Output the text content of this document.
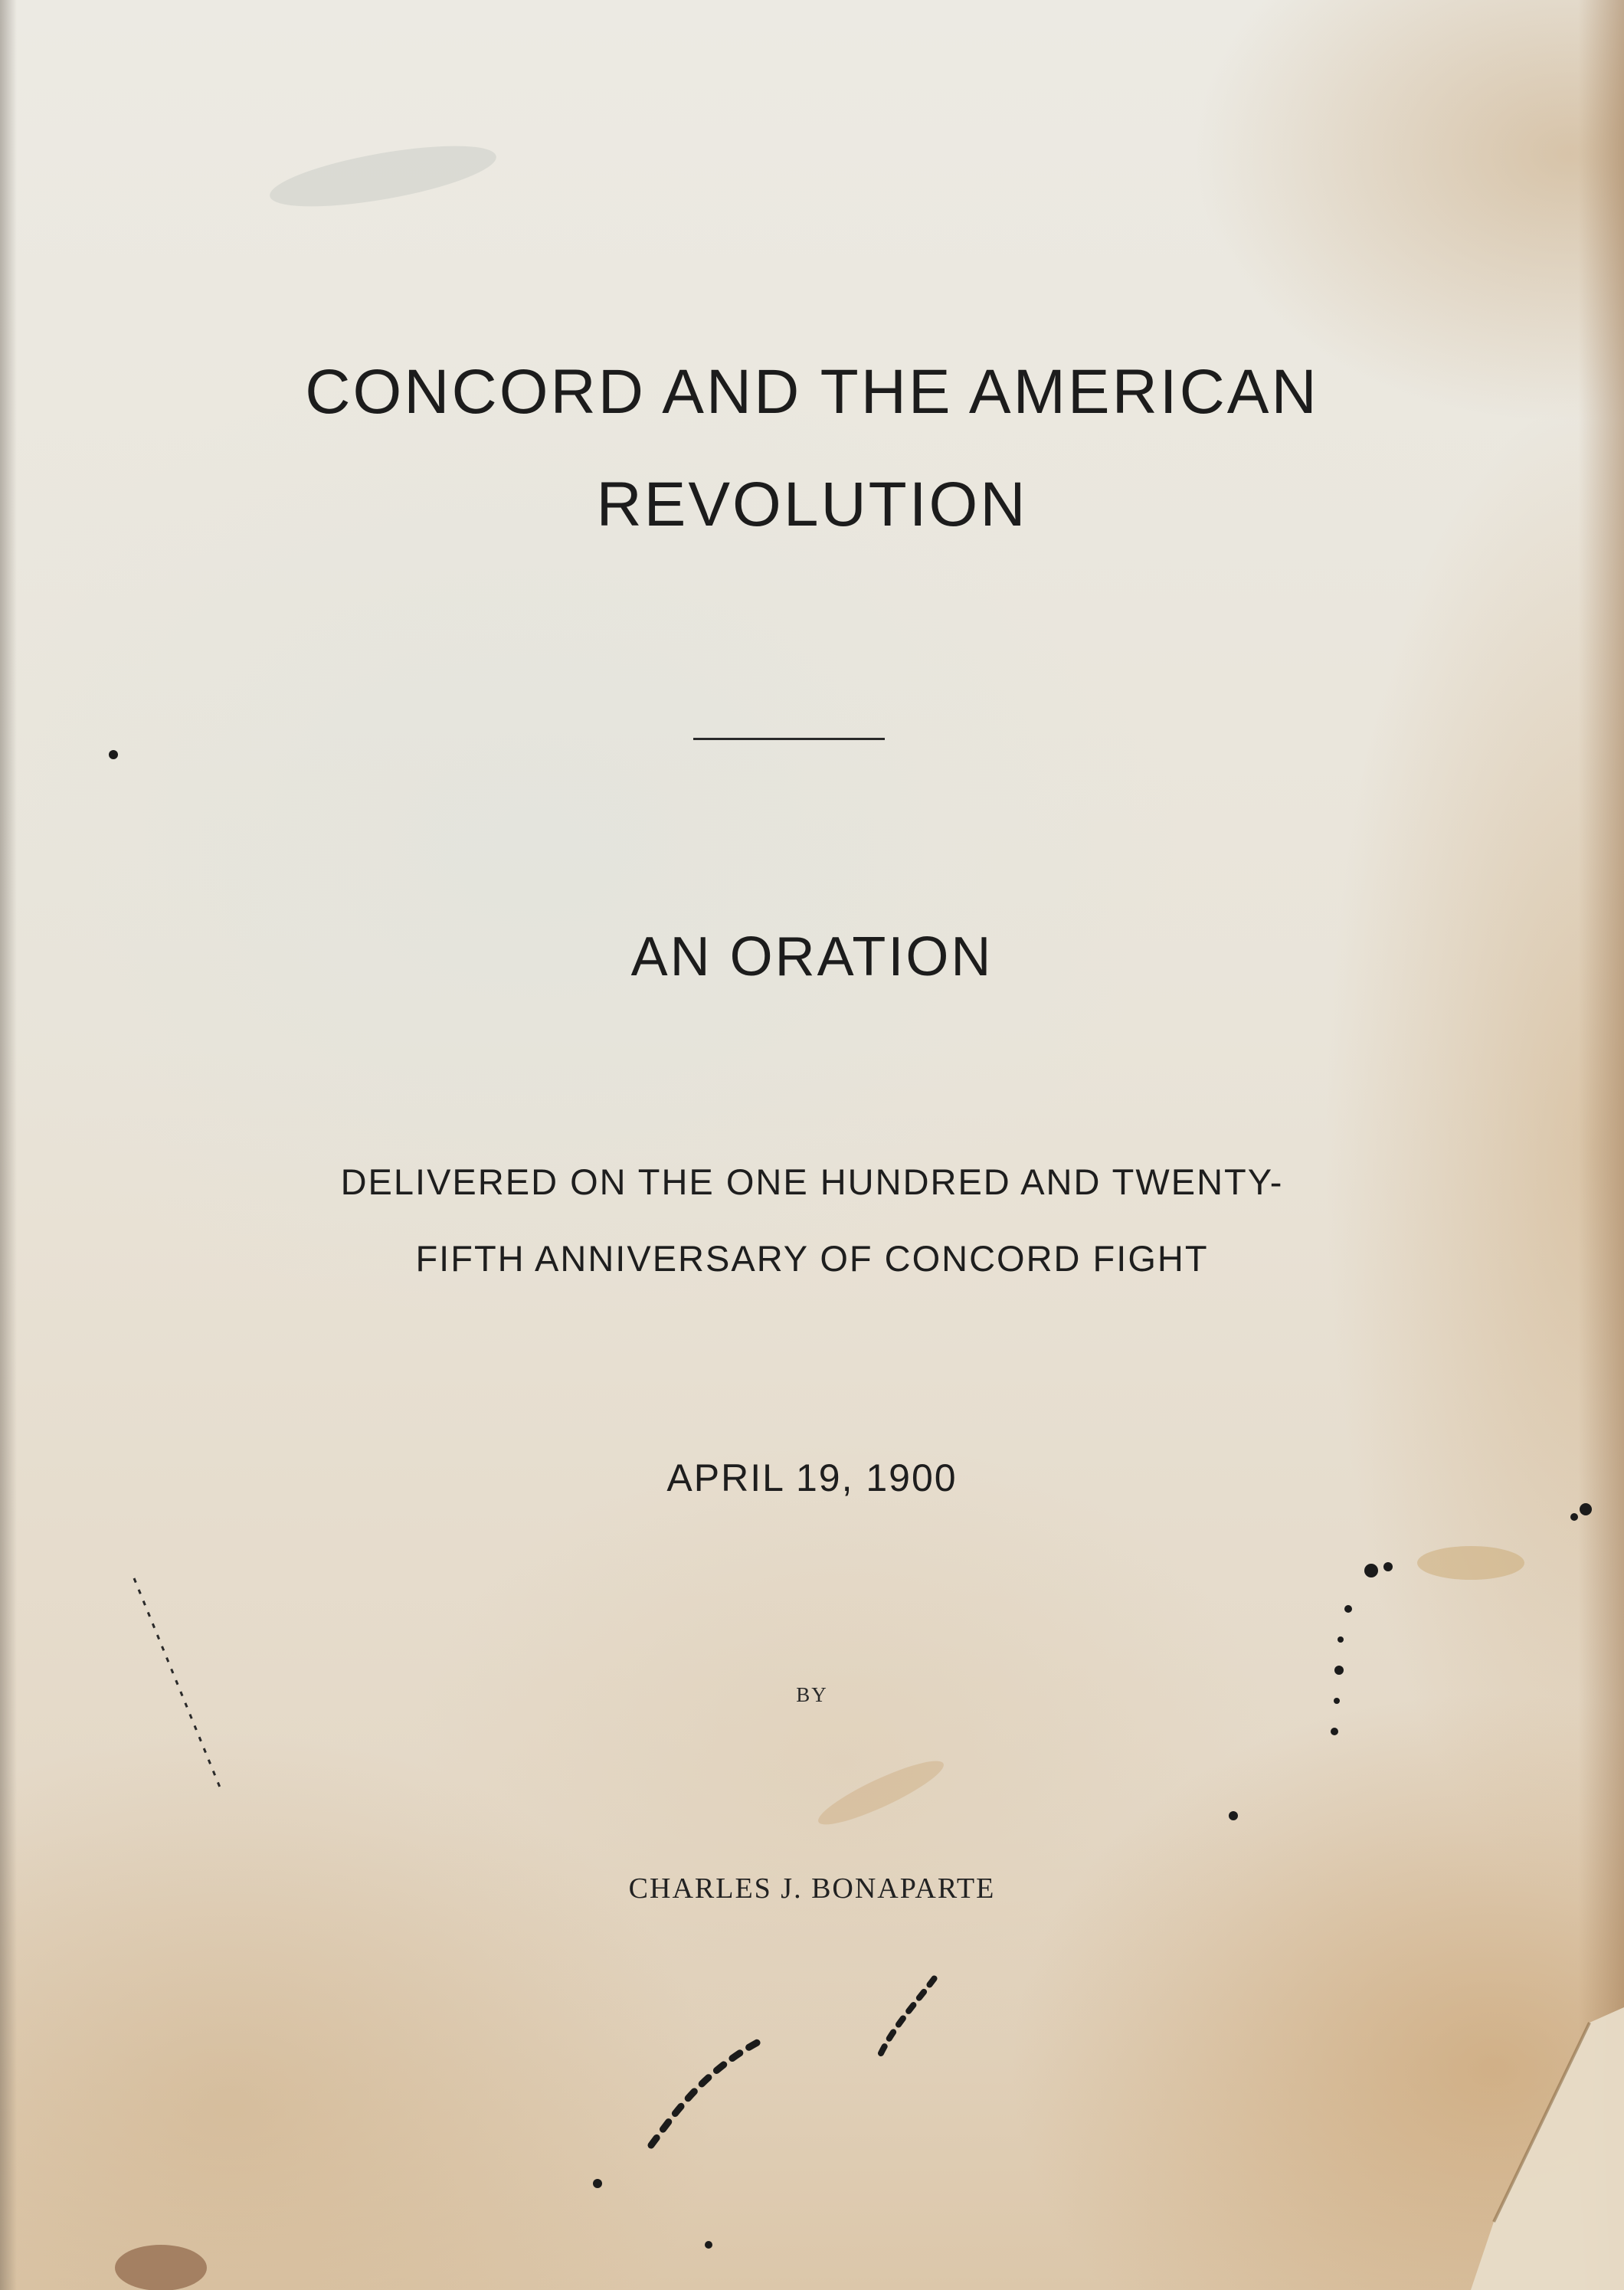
CONCORD AND THE AMERICAN
REVOLUTION
AN ORATION
DELIVERED ON THE ONE HUNDRED AND TWENTY-
FIFTH ANNIVERSARY OF CONCORD FIGHT
APRIL 19, 1900
BY
CHARLES J. BONAPARTE
